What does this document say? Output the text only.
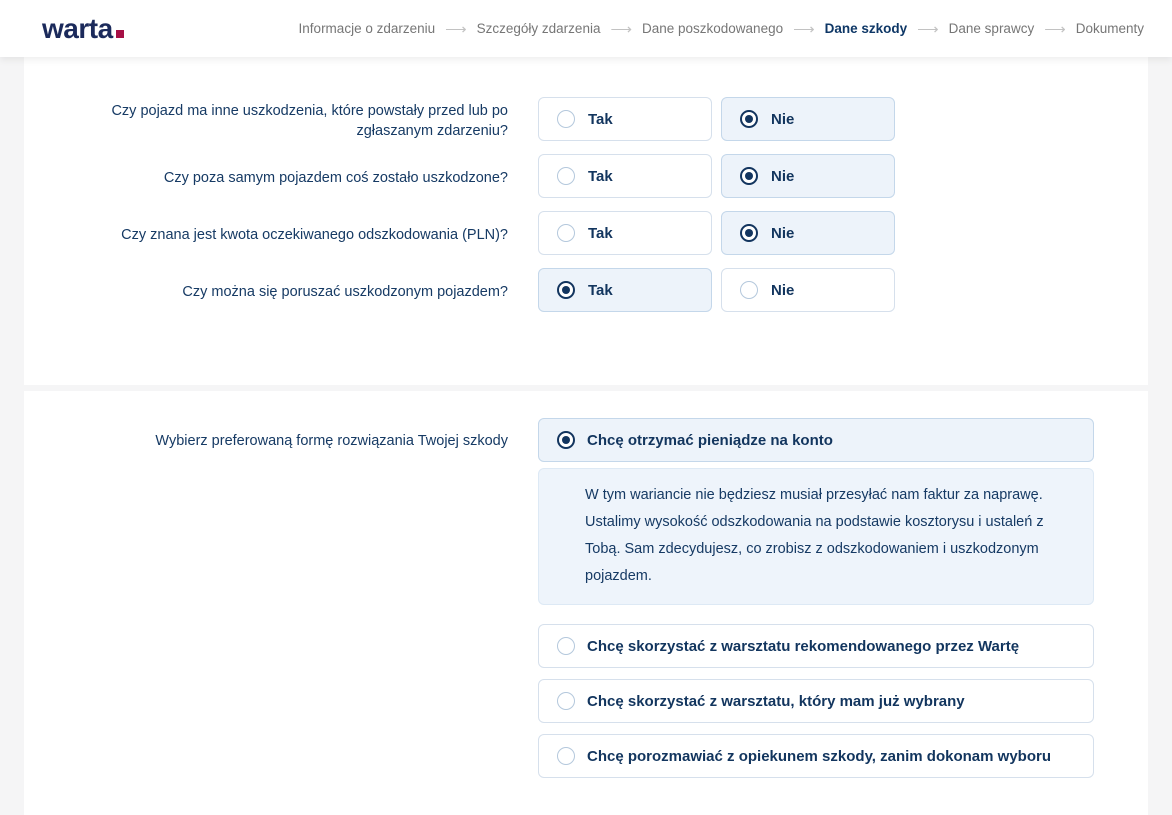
warta	Informacje o zdarzeniu ⟶ Szczegóły zdarzenia ⟶ Dane poszkodowanego ⟶ Dane szkody ⟶ Dane sprawcy ⟶ Dokumenty
Czy pojazd ma inne uszkodzenia, które powstały przed lub po zgłaszanym zdarzeniu?
Tak	Nie
Czy poza samym pojazdem coś zostało uszkodzone?	Tak	Nie
Czy znana jest kwota oczekiwanego odszkodowania (PLN)?	Tak	Nie
Czy można się poruszać uszkodzonym pojazdem?	Tak	Nie
Wybierz preferowaną formę rozwiązania Twojej szkody	Chcę otrzymać pieniądze na konto
W tym wariancie nie będziesz musiał przesyłać nam faktur za naprawę. Ustalimy wysokość odszkodowania na podstawie kosztorysu i ustaleń z Tobą. Sam zdecydujesz, co zrobisz z odszkodowaniem i uszkodzonym pojazdem.
Chcę skorzystać z warsztatu rekomendowanego przez Wartę
Chcę skorzystać z warsztatu, który mam już wybrany
Chcę porozmawiać z opiekunem szkody, zanim dokonam wyboru
